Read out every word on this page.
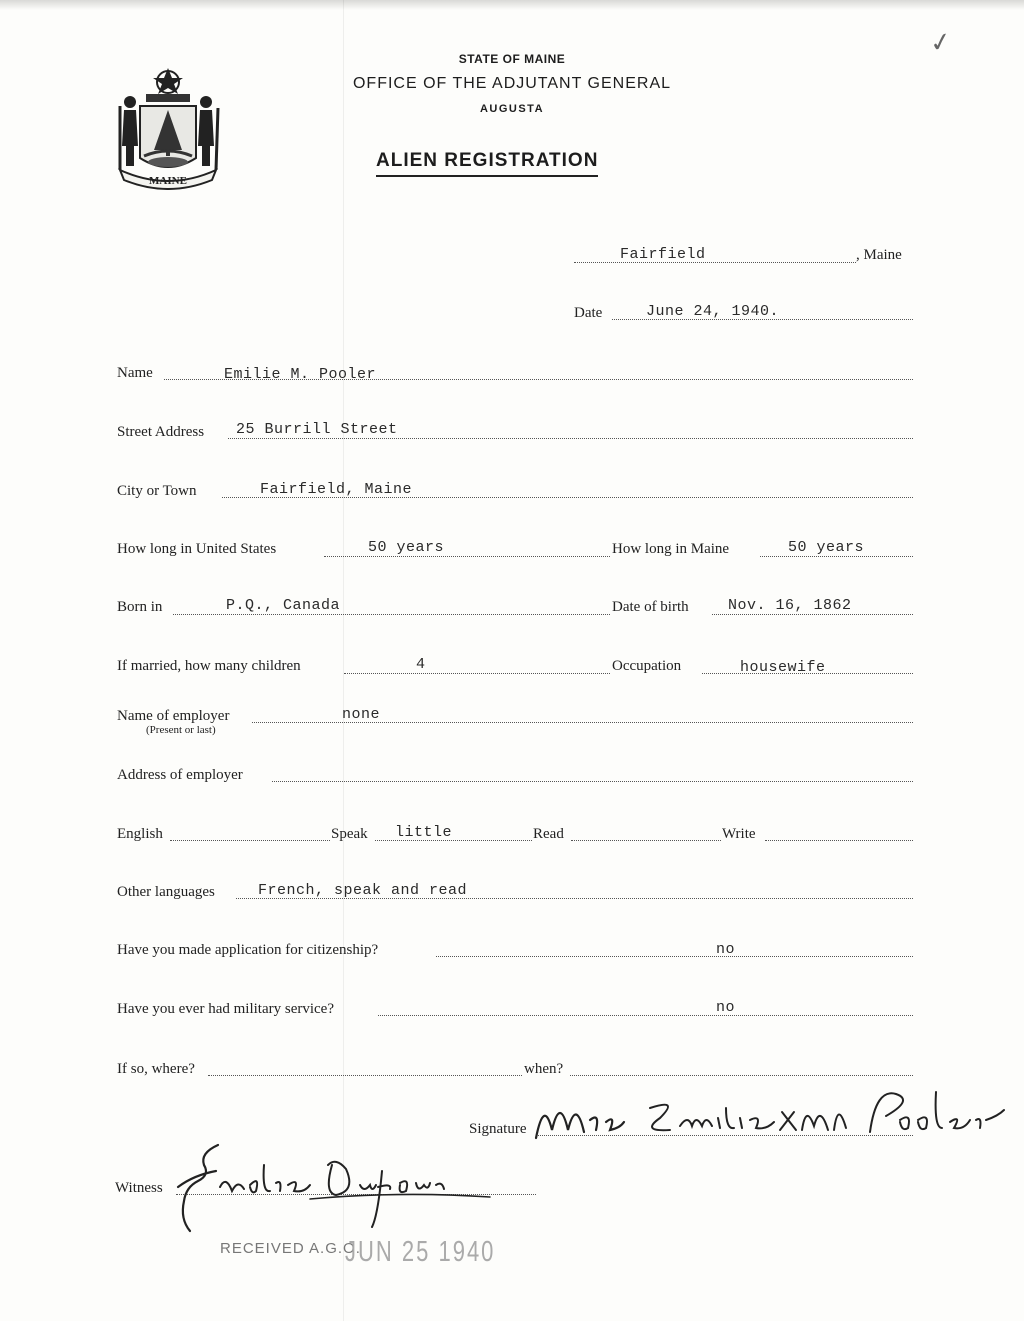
✓
MAINE
STATE OF MAINE
OFFICE OF THE ADJUTANT GENERAL
AUGUSTA
ALIEN REGISTRATION
Fairfield	, Maine
Date	June 24, 1940.
Name	Emilie M. Pooler
Street Address 25 Burrill Street
City or Town	Fairfield, Maine
How long in United States	50 years	How long in Maine	50 years
Born in	P.Q., Canada	Date of birth	Nov. 16, 1862
If married, how many children	4	Occupation	housewife
Name of employer
(Present or last)
none
Address of employer
English	Speak little	Read	Write
Other languages	French, speak and read
Have you made application for citizenship?	no
Have you ever had military service?	no
If so, where?	when?
Signature
Witness
RECEIVED A.G.O.
JUN 25 1940
